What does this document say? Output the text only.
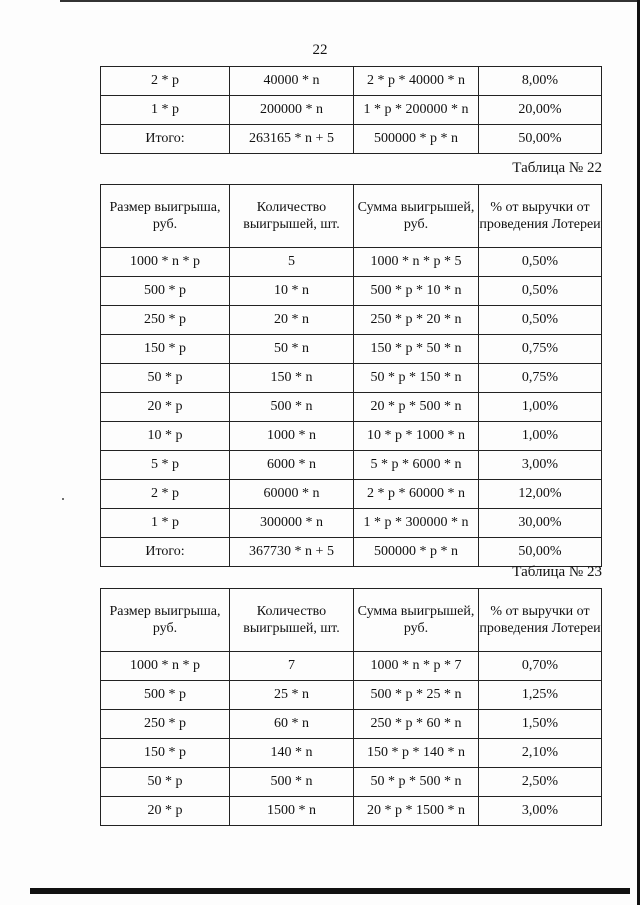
22
2 * р	40000 * n	2 * р * 40000 * n	8,00%
1 * р	200000 * n	1 * р * 200000 * n	20,00%
Итого:	263165 * n + 5	500000 * р * n	50,00%
Таблица № 22
Размер выигрыша, руб.	Количество выигрышей, шт.	Сумма выигрышей, руб.	% от выручки от проведения Лотереи
1000 * n * р	5	1000 * n * р * 5	0,50%
500 * р	10 * n	500 * р * 10 * n	0,50%
250 * р	20 * n	250 * р * 20 * n	0,50%
150 * р	50 * n	150 * р * 50 * n	0,75%
50 * р	150 * n	50 * р * 150 * n	0,75%
20 * р	500 * n	20 * р * 500 * n	1,00%
10 * р	1000 * n	10 * р * 1000 * n	1,00%
5 * р	6000 * n	5 * р * 6000 * n	3,00%
2 * р	60000 * n	2 * р * 60000 * n	12,00%
1 * р	300000 * n	1 * р * 300000 * n	30,00%
Итого:	367730 * n + 5	500000 * р * n	50,00%
Таблица № 23
Размер выигрыша, руб.	Количество выигрышей, шт.	Сумма выигрышей, руб.	% от выручки от проведения Лотереи
1000 * n * р	7	1000 * n * р * 7	0,70%
500 * р	25 * n	500 * р * 25 * n	1,25%
250 * р	60 * n	250 * р * 60 * n	1,50%
150 * р	140 * n	150 * р * 140 * n	2,10%
50 * р	500 * n	50 * р * 500 * n	2,50%
20 * р	1500 * n	20 * р * 1500 * n	3,00%
